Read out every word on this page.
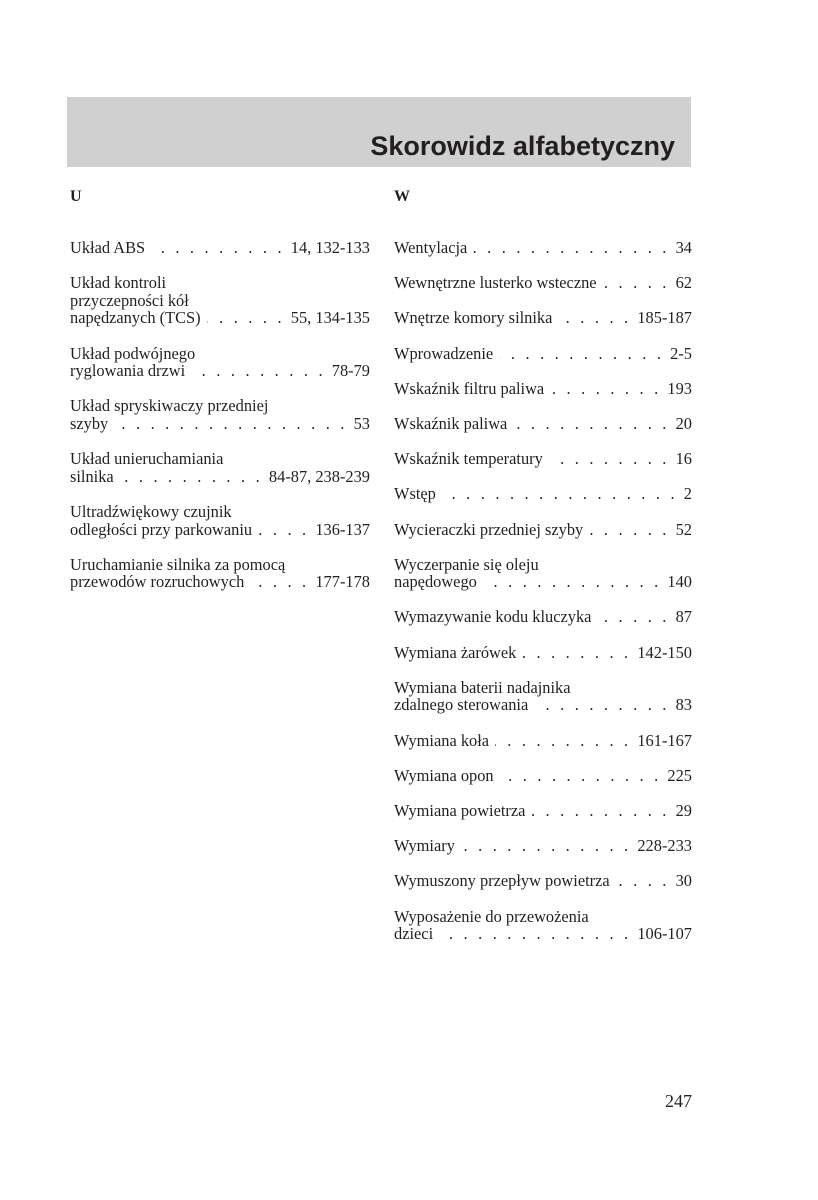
Skorowidz alfabetyczny
U
Układ ABS . . .	14, 132-133
Układ kontroli
przyczepności kół
napędzanych (TCS) . . .	55, 134-135
Układ podwójnego
ryglowania drzwi . . .	78-79
Układ spryskiwaczy przedniej
szyby . . .	53
Układ unieruchamiania
silnika . . .	84-87, 238-239
Ultradźwiękowy czujnik
odległości przy parkowaniu . . .	136-137
Uruchamianie silnika za pomocą
przewodów rozruchowych . . .	177-178
W
Wentylacja . . .	34
Wewnętrzne lusterko wsteczne . . .	62
Wnętrze komory silnika . . .	185-187
Wprowadzenie . . .	2-5
Wskaźnik filtru paliwa . . .	193
Wskaźnik paliwa . . .	20
Wskaźnik temperatury . . .	16
Wstęp . . .	2
Wycieraczki przedniej szyby . . .	52
Wyczerpanie się oleju
napędowego . . .	140
Wymazywanie kodu kluczyka . . .	87
Wymiana żarówek . . .	142-150
Wymiana baterii nadajnika
zdalnego sterowania . . .	83
Wymiana koła . . .	161-167
Wymiana opon . . .	225
Wymiana powietrza . . .	29
Wymiary . . .	228-233
Wymuszony przepływ powietrza . . .	30
Wyposażenie do przewożenia
dzieci . . .	106-107
247
